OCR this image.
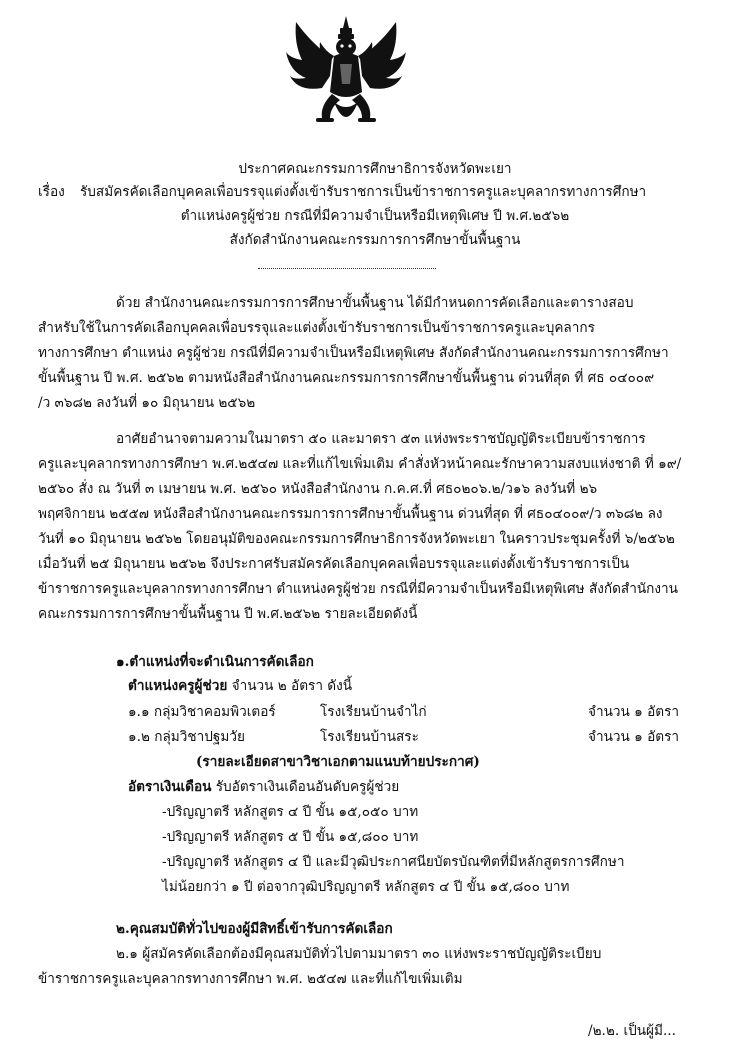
ประกาศคณะกรรมการศึกษาธิการจังหวัดพะเยา
เรื่อง รับสมัครคัดเลือกบุคคลเพื่อบรรจุแต่งตั้งเข้ารับราชการเป็นข้าราชการครูและบุคลากรทางการศึกษา
ตำแหน่งครูผู้ช่วย กรณีที่มีความจำเป็นหรือมีเหตุพิเศษ ปี พ.ศ.๒๕๖๒
สังกัดสำนักงานคณะกรรมการการศึกษาขั้นพื้นฐาน
ด้วย สำนักงานคณะกรรมการการศึกษาขั้นพื้นฐาน ได้มีกำหนดการคัดเลือกและตารางสอบ
สำหรับใช้ในการคัดเลือกบุคคลเพื่อบรรจุและแต่งตั้งเข้ารับราชการเป็นข้าราชการครูและบุคลากร
ทางการศึกษา ตำแหน่ง ครูผู้ช่วย กรณีที่มีความจำเป็นหรือมีเหตุพิเศษ สังกัดสำนักงานคณะกรรมการการศึกษา
ขั้นพื้นฐาน ปี พ.ศ. ๒๕๖๒ ตามหนังสือสำนักงานคณะกรรมการการศึกษาขั้นพื้นฐาน ด่วนที่สุด ที่ ศธ ๐๔๐๐๙
/ว ๓๖๘๒ ลงวันที่ ๑๐ มิถุนายน ๒๕๖๒
อาศัยอำนาจตามความในมาตรา ๕๐ และมาตรา ๕๓ แห่งพระราชบัญญัติระเบียบข้าราชการ
ครูและบุคลากรทางการศึกษา พ.ศ.๒๕๔๗ และที่แก้ไขเพิ่มเติม คำสั่งหัวหน้าคณะรักษาความสงบแห่งชาติ ที่ ๑๙/
๒๕๖๐ สั่ง ณ วันที่ ๓ เมษายน พ.ศ. ๒๕๖๐ หนังสือสำนักงาน ก.ค.ศ.ที่ ศธ๐๒๐๖.๒/ว๑๖ ลงวันที่ ๒๖
พฤศจิกายน ๒๕๕๗ หนังสือสำนักงานคณะกรรมการการศึกษาขั้นพื้นฐาน ด่วนที่สุด ที่ ศธ๐๔๐๐๙/ว ๓๖๘๒ ลง
วันที่ ๑๐ มิถุนายน ๒๕๖๒ โดยอนุมัติของคณะกรรมการศึกษาธิการจังหวัดพะเยา ในคราวประชุมครั้งที่ ๖/๒๕๖๒
เมื่อวันที่ ๒๕ มิถุนายน ๒๕๖๒ จึงประกาศรับสมัครคัดเลือกบุคคลเพื่อบรรจุและแต่งตั้งเข้ารับราชการเป็น
ข้าราชการครูและบุคลากรทางการศึกษา ตำแหน่งครูผู้ช่วย กรณีที่มีความจำเป็นหรือมีเหตุพิเศษ สังกัดสำนักงาน
คณะกรรมการการศึกษาขั้นพื้นฐาน ปี พ.ศ.๒๕๖๒ รายละเอียดดังนี้
๑.ตำแหน่งที่จะดำเนินการคัดเลือก
ตำแหน่งครูผู้ช่วย จำนวน ๒ อัตรา ดังนี้
๑.๑ กลุ่มวิชาคอมพิวเตอร์	โรงเรียนบ้านจำไก่	จำนวน ๑ อัตรา
๑.๒ กลุ่มวิชาปฐมวัย	โรงเรียนบ้านสระ	จำนวน ๑ อัตรา
(รายละเอียดสาขาวิชาเอกตามแนบท้ายประกาศ)
อัตราเงินเดือน รับอัตราเงินเดือนอันดับครูผู้ช่วย
-ปริญญาตรี หลักสูตร ๔ ปี ขั้น ๑๕,๐๕๐ บาท
-ปริญญาตรี หลักสูตร ๕ ปี ขั้น ๑๕,๘๐๐ บาท
-ปริญญาตรี หลักสูตร ๔ ปี และมีวุฒิประกาศนียบัตรบัณฑิตที่มีหลักสูตรการศึกษา
ไม่น้อยกว่า ๑ ปี ต่อจากวุฒิปริญญาตรี หลักสูตร ๔ ปี ขั้น ๑๕,๘๐๐ บาท
๒.คุณสมบัติทั่วไปของผู้มีสิทธิ์เข้ารับการคัดเลือก
๒.๑ ผู้สมัครคัดเลือกต้องมีคุณสมบัติทั่วไปตามมาตรา ๓๐ แห่งพระราชบัญญัติระเบียบ
ข้าราชการครูและบุคลากรทางการศึกษา พ.ศ. ๒๕๔๗ และที่แก้ไขเพิ่มเติม
/๒.๒. เป็นผู้มี...
